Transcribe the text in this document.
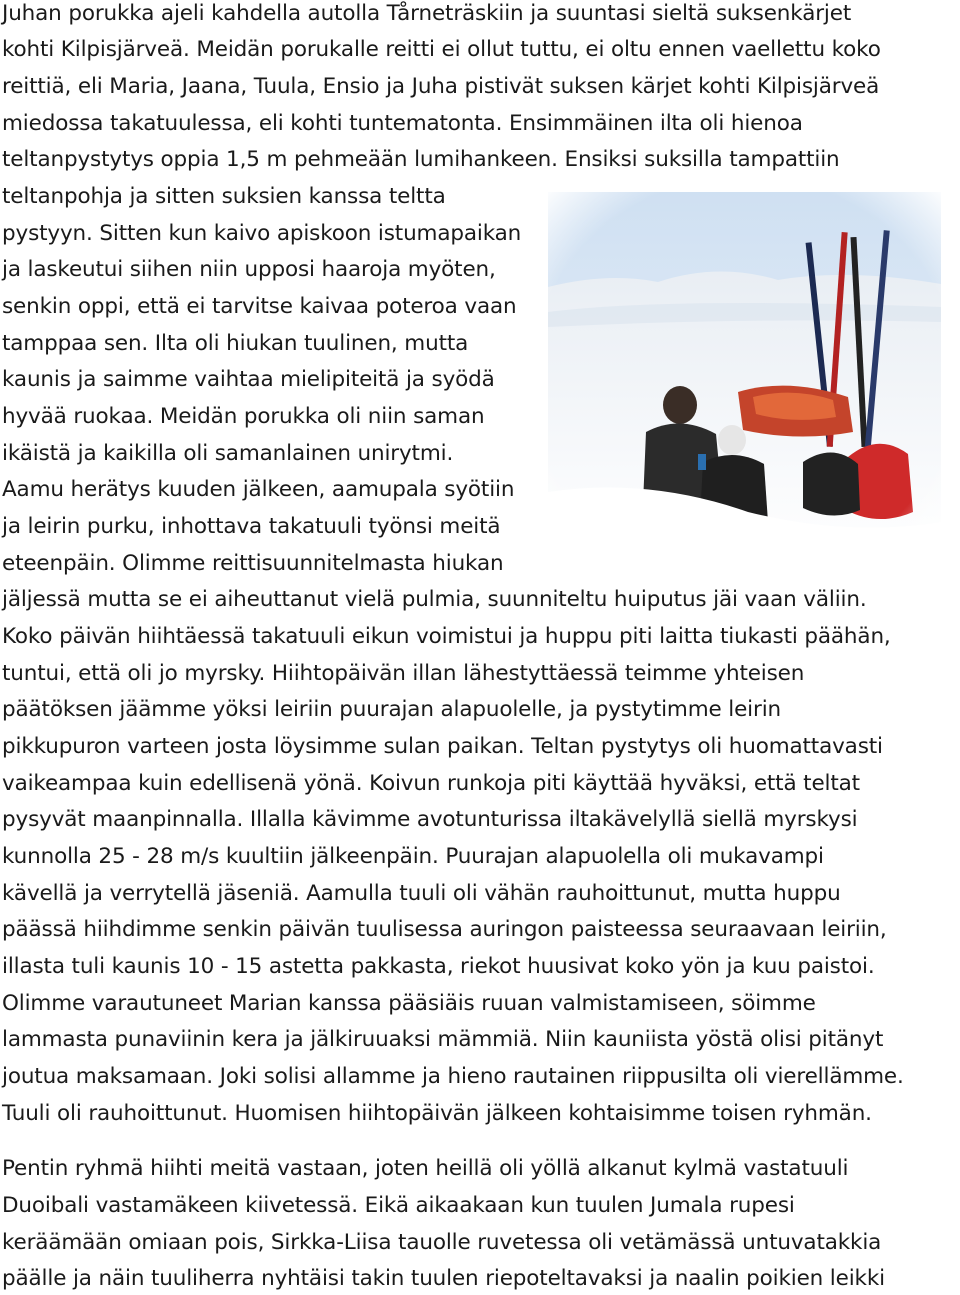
Juhan porukka ajeli kahdella autolla Tårneträskiin ja suuntasi sieltä suksenkärjet

kohti Kilpisjärveä. Meidän porukalle reitti ei ollut tuttu, ei oltu ennen vaellettu koko

reittiä, eli Maria, Jaana, Tuula, Ensio ja Juha pistivät suksen kärjet kohti Kilpisjärveä

miedossa takatuulessa, eli kohti tuntematonta. Ensimmäinen ilta oli hienoa

teltanpystytys oppia 1,5 m pehmeään lumihankeen. Ensiksi suksilla tampattiin

teltanpohja ja sitten suksien kanssa teltta

pystyyn. Sitten kun kaivo apiskoon istumapaikan

ja laskeutui siihen niin upposi haaroja myöten,

senkin oppi, että ei tarvitse kaivaa poteroa vaan

tamppaa sen. Ilta oli hiukan tuulinen, mutta

kaunis ja saimme vaihtaa mielipiteitä ja syödä

hyvää ruokaa. Meidän porukka oli niin saman

ikäistä ja kaikilla oli samanlainen unirytmi.

Aamu herätys kuuden jälkeen, aamupala syötiin

ja leirin purku, inhottava takatuuli työnsi meitä

eteenpäin. Olimme reittisuunnitelmasta hiukan

jäljessä mutta se ei aiheuttanut vielä pulmia, suunniteltu huiputus jäi vaan väliin.

Koko päivän hiihtäessä takatuuli eikun voimistui ja huppu piti laitta tiukasti päähän,

tuntui, että oli jo myrsky. Hiihtopäivän illan lähestyttäessä teimme yhteisen

päätöksen jäämme yöksi leiriin puurajan alapuolelle, ja pystytimme leirin

pikkupuron varteen josta löysimme sulan paikan. Teltan pystytys oli huomattavasti

vaikeampaa kuin edellisenä yönä. Koivun runkoja piti käyttää hyväksi, että teltat

pysyvät maanpinnalla. Illalla kävimme avotunturissa iltakävelyllä siellä myrskysi

kunnolla 25 - 28 m/s kuultiin jälkeenpäin. Puurajan alapuolella oli mukavampi

kävellä ja verrytellä jäseniä. Aamulla tuuli oli vähän rauhoittunut, mutta huppu

päässä hiihdimme senkin päivän tuulisessa auringon paisteessa seuraavaan leiriin,

illasta tuli kaunis 10 - 15 astetta pakkasta, riekot huusivat koko yön ja kuu paistoi.

Olimme varautuneet Marian kanssa pääsiäis ruuan valmistamiseen, söimme

lammasta punaviinin kera ja jälkiruuaksi mämmiä. Niin kauniista yöstä olisi pitänyt

joutua maksamaan. Joki solisi allamme ja hieno rautainen riippusilta oli vierellämme.

Tuuli oli rauhoittunut. Huomisen hiihtopäivän jälkeen kohtaisimme toisen ryhmän.

Pentin ryhmä hiihti meitä vastaan, joten heillä oli yöllä alkanut kylmä vastatuuli

Duoibali vastamäkeen kiivetessä. Eikä aikaakaan kun tuulen Jumala rupesi

keräämään omiaan pois, Sirkka-Liisa tauolle ruvetessa oli vetämässä untuvatakkia

päälle ja näin tuuliherra nyhtäisi takin tuulen riepoteltavaksi ja naalin poikien leikki
